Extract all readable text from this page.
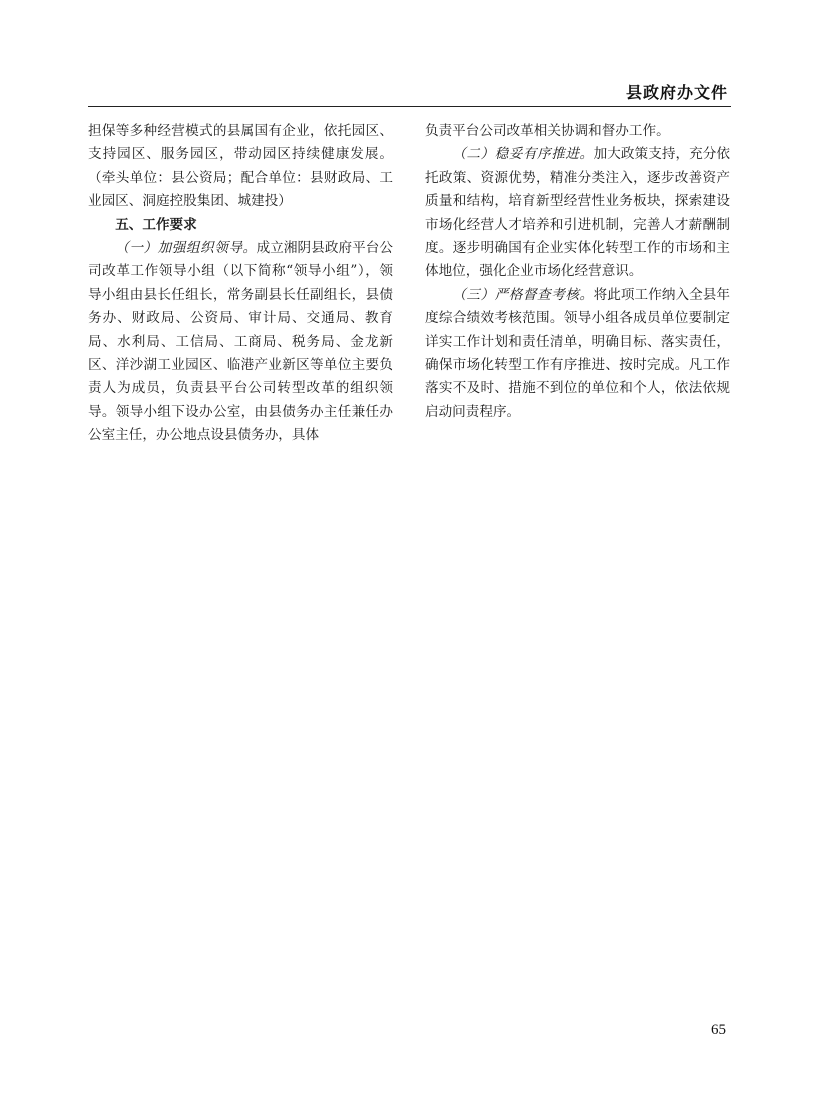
县政府办文件

担保等多种经营模式的县属国有企业，依托园区、支持园区、服务园区，带动园区持续健康发展。（牵头单位：县公资局；配合单位：县财政局、工业园区、洞庭控股集团、城建投）

五、工作要求

（一）加强组织领导。成立湘阴县政府平台公司改革工作领导小组（以下简称“领导小组”），领导小组由县长任组长，常务副县长任副组长，县债务办、财政局、公资局、审计局、交通局、教育局、水利局、工信局、工商局、税务局、金龙新区、洋沙湖工业园区、临港产业新区等单位主要负责人为成员，负责县平台公司转型改革的组织领导。领导小组下设办公室，由县债务办主任兼任办公室主任，办公地点设县债务办，具体

负责平台公司改革相关协调和督办工作。

（二）稳妥有序推进。加大政策支持，充分依托政策、资源优势，精准分类注入，逐步改善资产质量和结构，培育新型经营性业务板块，探索建设市场化经营人才培养和引进机制，完善人才薪酬制度。逐步明确国有企业实体化转型工作的市场和主体地位，强化企业市场化经营意识。

（三）严格督查考核。将此项工作纳入全县年度综合绩效考核范围。领导小组各成员单位要制定详实工作计划和责任清单，明确目标、落实责任，确保市场化转型工作有序推进、按时完成。凡工作落实不及时、措施不到位的单位和个人，依法依规启动问责程序。

65
